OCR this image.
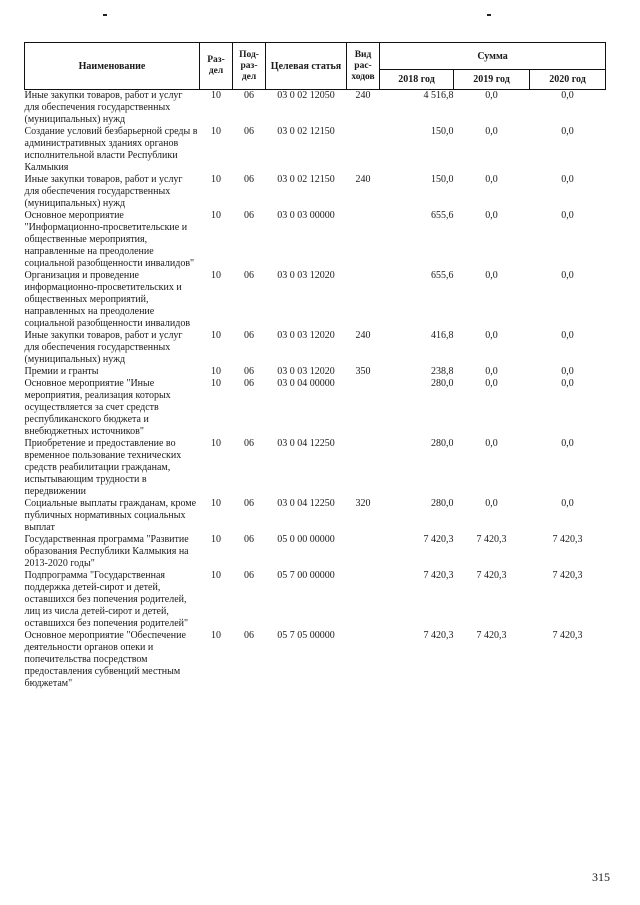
Наименование	Раз-дел	Под-раз-дел	Целевая статья	Вид рас-ходов	Сумма		
					2018 год	2019 год	2020 год
Иные закупки товаров, работ и услуг для обеспечения государственных (муниципальных) нужд	10	06	03 0 02 12050	240	4 516,8	0,0	0,0
Создание условий безбарьерной среды в административных зданиях органов исполнительной власти Республики Калмыкия	10	06	03 0 02 12150		150,0	0,0	0,0
Иные закупки товаров, работ и услуг для обеспечения государственных (муниципальных) нужд	10	06	03 0 02 12150	240	150,0	0,0	0,0
Основное мероприятие "Информационно-просветительские и общественные мероприятия, направленные на преодоление социальной разобщенности инвалидов"	10	06	03 0 03 00000		655,6	0,0	0,0
Организация и проведение информационно-просветительских и общественных мероприятий, направленных на преодоление социальной разобщенности инвалидов	10	06	03 0 03 12020		655,6	0,0	0,0
Иные закупки товаров, работ и услуг для обеспечения государственных (муниципальных) нужд	10	06	03 0 03 12020	240	416,8	0,0	0,0
Премии и гранты	10	06	03 0 03 12020	350	238,8	0,0	0,0
Основное мероприятие "Иные мероприятия, реализация которых осуществляется за счет средств республиканского бюджета и внебюджетных источников"	10	06	03 0 04 00000		280,0	0,0	0,0
Приобретение и предоставление во временное пользование технических средств реабилитации гражданам, испытывающим трудности в передвижении	10	06	03 0 04 12250		280,0	0,0	0,0
Социальные выплаты гражданам, кроме публичных нормативных социальных выплат	10	06	03 0 04 12250	320	280,0	0,0	0,0
Государственная программа "Развитие образования Республики Калмыкия на 2013-2020 годы"	10	06	05 0 00 00000		7 420,3	7 420,3	7 420,3
Подпрограмма "Государственная поддержка детей-сирот и детей, оставшихся без попечения родителей, лиц из числа детей-сирот и детей, оставшихся без попечения родителей"	10	06	05 7 00 00000		7 420,3	7 420,3	7 420,3
Основное мероприятие "Обеспечение деятельности органов опеки и попечительства посредством предоставления субвенций местным бюджетам"	10	06	05 7 05 00000		7 420,3	7 420,3	7 420,3
315
